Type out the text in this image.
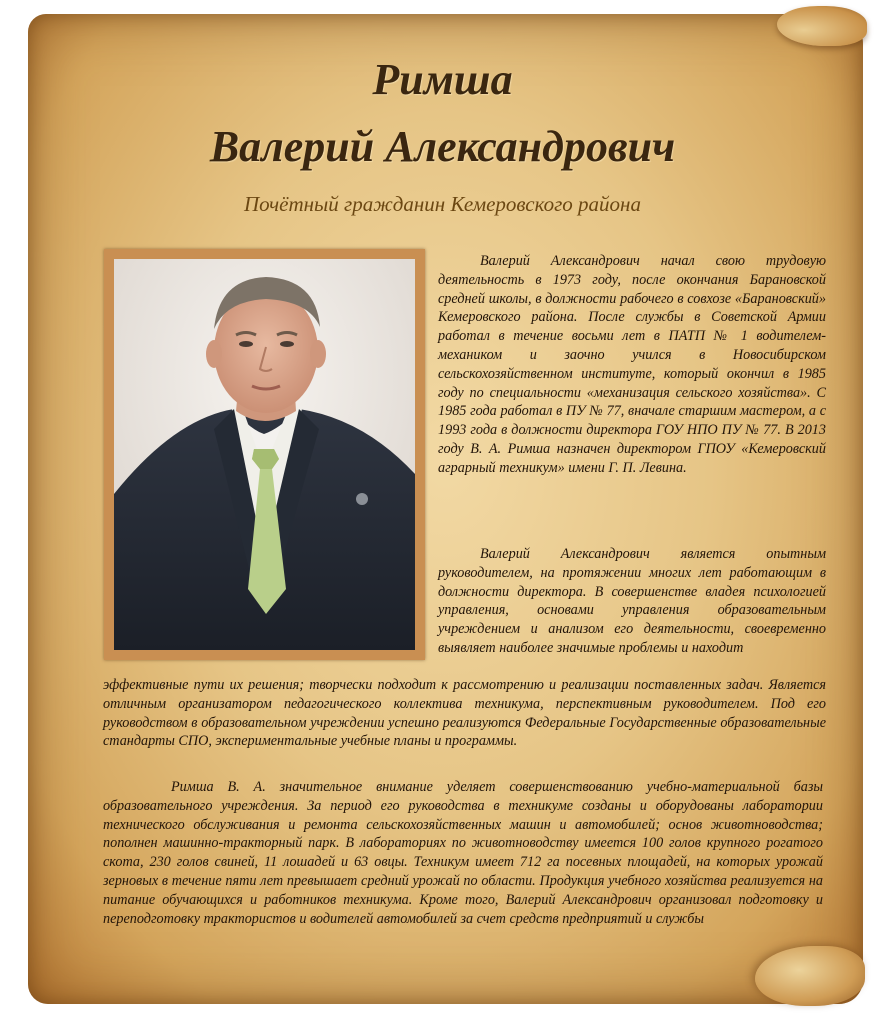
Римша
Валерий Александрович
Почётный гражданин Кемеровского района
Валерий Александрович начал свою трудовую деятельность в 1973 году, после окончания Барановской средней школы, в должности рабочего в совхозе «Барановский» Кемеровского района. После службы в Советской Армии работал в течение восьми лет в ПАТП № 1 водителем-механиком и заочно учился в Новосибирском сельскохозяйственном институте, который окончил в 1985 году по специальности «механизация сельского хозяйства». С 1985 года работал в ПУ № 77, вначале старшим мастером, а с 1993 года в должности директора ГОУ НПО ПУ № 77. В 2013 году В. А. Римша назначен директором ГПОУ «Кемеровский аграрный техникум» имени Г. П. Левина.
Валерий Александрович является опытным руководителем, на протяжении многих лет работающим в должности директора. В совершенстве владея психологией управления, основами управления образовательным учреждением и анализом его деятельности, своевременно выявляет наиболее значимые проблемы и находит
эффективные пути их решения; творчески подходит к рассмотрению и реализации поставленных задач. Является отличным организатором педагогического коллектива техникума, перспективным руководителем. Под его руководством в образовательном учреждении успешно реализуются Федеральные Государственные образовательные стандарты СПО, экспериментальные учебные планы и программы.
Римша В. А. значительное внимание уделяет совершенствованию учебно-материальной базы образовательного учреждения. За период его руководства в техникуме созданы и оборудованы лаборатории технического обслуживания и ремонта сельскохозяйственных машин и автомобилей; основ животноводства; пополнен машинно-тракторный парк. В лабораториях по животноводству имеется 100 голов крупного рогатого скота, 230 голов свиней, 11 лошадей и 63 овцы. Техникум имеет 712 га посевных площадей, на которых урожай зерновых в течение пяти лет превышает средний урожай по области. Продукция учебного хозяйства реализуется на питание обучающихся и работников техникума. Кроме того, Валерий Александрович организовал подготовку и переподготовку трактористов и водителей автомобилей за счет средств предприятий и службы
